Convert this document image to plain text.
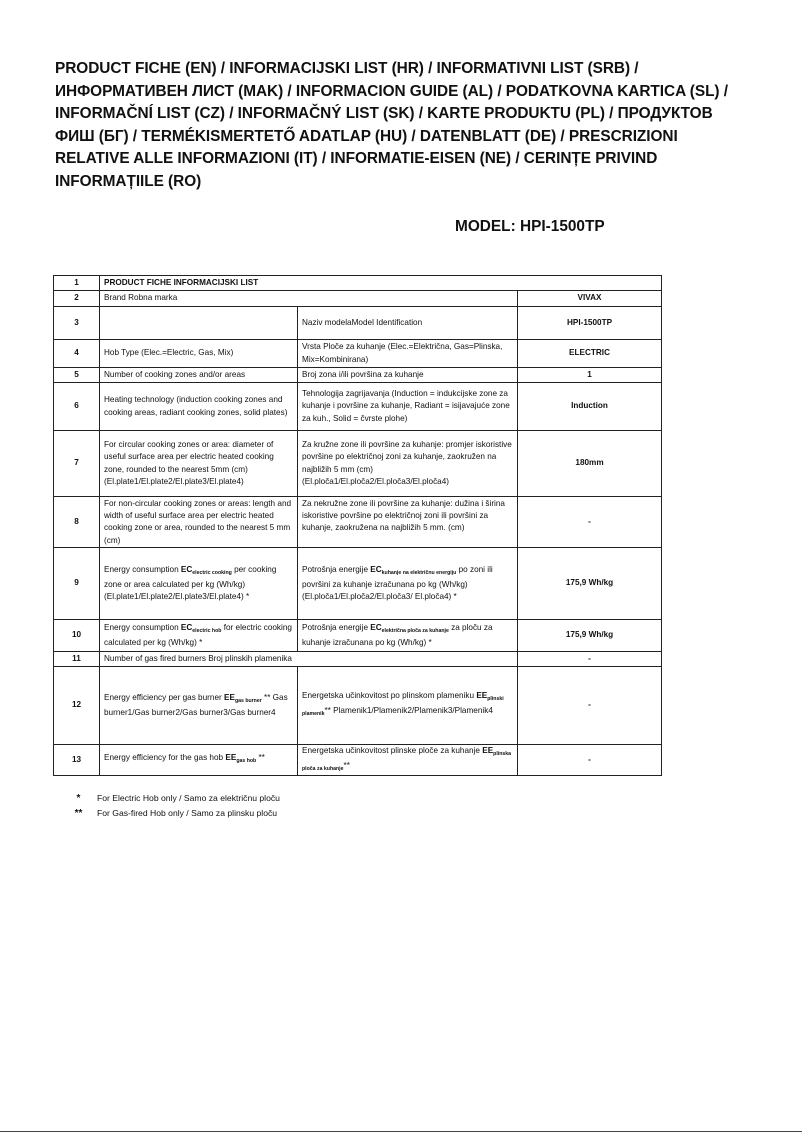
PRODUCT FICHE (EN) / INFORMACIJSKI LIST (HR) / INFORMATIVNI LIST (SRB) / ИНФОРМАТИВЕН ЛИСТ (MAK) / INFORMACION GUIDE (AL) / PODATKOVNA KARTICA (SL) / INFORMAČNÍ LIST (CZ) / INFORMAČNÝ LIST (SK) / KARTE PRODUKTU (PL) / ПРОДУКТОВ ФИШ (БГ) / TERMÉKISMERTETŐ ADATLAP (HU) / DATENBLATT (DE) / PRESCRIZIONI RELATIVE ALLE INFORMAZIONI (IT) / INFORMATIE-EISEN (NE) / CERINȚE PRIVIND INFORMAȚIILE (RO)
MODEL: HPI-1500TP
1	PRODUCT FICHE INFORMACIJSKI LIST		
2	Brand Robna marka		VIVAX
3		Naziv modelaModel Identification	HPI-1500TP
4	Hob Type (Elec.=Electric, Gas, Mix)	Vrsta Ploče za kuhanje (Elec.=Električna, Gas=Plinska, Mix=Kombinirana)	ELECTRIC
5	Number of cooking zones and/or areas	Broj zona i/ili površina za kuhanje	1
6	Heating technology (induction cooking zones and cooking areas, radiant cooking zones, solid plates)	Tehnologija zagrijavanja (Induction = indukcijske zone za kuhanje i površine za kuhanje, Radiant = isijavajuće zone za kuh., Solid = čvrste plohe)	Induction
7	For circular cooking zones or area: diameter of useful surface area per electric heated cooking zone, rounded to the nearest 5mm (cm) (El.plate1/El.plate2/El.plate3/El.plate4)	Za kružne zone ili površine za kuhanje: promjer iskoristive površine po električnoj zoni za kuhanje, zaokružen na najbližih 5 mm (cm) (El.ploča1/El.ploča2/El.ploča3/El.ploča4)	180mm
8	For non-circular cooking zones or areas: length and width of useful surface area per electric heated cooking zone or area, rounded to the nearest 5 mm (cm)	Za nekružne zone ili površine za kuhanje: dužina i širina iskoristive površine po električnoj zoni ili površini za kuhanje, zaokružena na najbližih 5 mm. (cm)	-
9	Energy consumption $EC_{electric cooking}$ per cooking zone or area calculated per kg (Wh/kg) (El.plate1/El.plate2/El.plate3/El.plate4) *	Potrošnja energije $EC_{kuhanje na električnu energiju}$ po zoni ili površini za kuhanje izračunana po kg (Wh/kg) (El.ploča1/El.ploča2/El.ploča3/ El.ploča4) *	175,9 Wh/kg
10	Energy consumption $EC_{electric hob}$ for electric cooking calculated per kg (Wh/kg) *	Potrošnja energije $EC_{električna ploča za kuhanje}$ za ploču za kuhanje izračunana po kg (Wh/kg) *	175,9 Wh/kg
11	Number of gas fired burners Broj plinskih plamenika		-
12	Energy efficiency per gas burner $EE_{gas burner}$ ** Gas burner1/Gas burner2/Gas burner3/Gas burner4	Energetska učinkovitost po plinskom plameniku $EE_{plinski plamenik}**$ Plamenik1/Plamenik2/Plamenik3/Plamenik4	-
13	Energy efficiency for the gas hob $EE_{gas hob}$ **	Energetska učinkovitost plinske ploče za kuhanje $EE_{plinska ploča za kuhanje}**$	-
*	For Electric Hob only / Samo za električnu ploču
**	For Gas-fired Hob only / Samo za plinsku ploču
